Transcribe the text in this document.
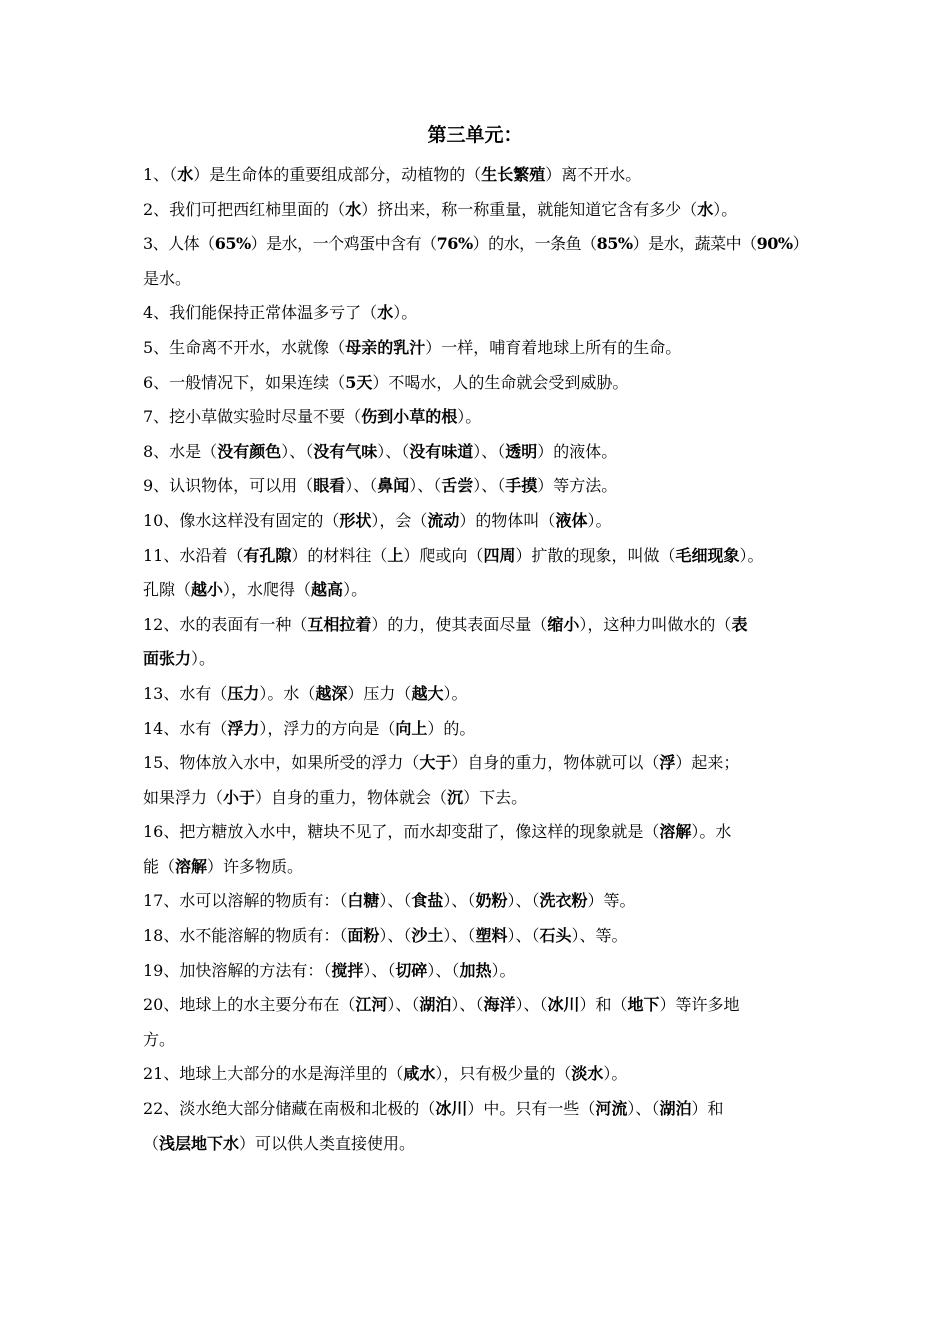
第三单元：
1、（水）是生命体的重要组成部分，动植物的（生长繁殖）离不开水。
2、我们可把西红柿里面的（水）挤出来，称一称重量，就能知道它含有多少（水）。
3、人体（65%）是水，一个鸡蛋中含有（76%）的水，一条鱼（85%）是水，蔬菜中（90%）
是水。
4、我们能保持正常体温多亏了（水）。
5、生命离不开水，水就像（母亲的乳汁）一样，哺育着地球上所有的生命。
6、一般情况下，如果连续（5天）不喝水，人的生命就会受到威胁。
7、挖小草做实验时尽量不要（伤到小草的根）。
8、水是（没有颜色）、（没有气味）、（没有味道）、（透明）的液体。
9、认识物体，可以用（眼看）、（鼻闻）、（舌尝）、（手摸）等方法。
10、像水这样没有固定的（形状），会（流动）的物体叫（液体）。
11、水沿着（有孔隙）的材料往（上）爬或向（四周）扩散的现象，叫做（毛细现象）。
孔隙（越小），水爬得（越高）。
12、水的表面有一种（互相拉着）的力，使其表面尽量（缩小），这种力叫做水的（表
面张力）。
13、水有（压力）。水（越深）压力（越大）。
14、水有（浮力），浮力的方向是（向上）的。
15、物体放入水中，如果所受的浮力（大于）自身的重力，物体就可以（浮）起来；
如果浮力（小于）自身的重力，物体就会（沉）下去。
16、把方糖放入水中，糖块不见了，而水却变甜了，像这样的现象就是（溶解）。水
能（溶解）许多物质。
17、水可以溶解的物质有：（白糖）、（食盐）、（奶粉）、（洗衣粉）等。
18、水不能溶解的物质有：（面粉）、（沙土）、（塑料）、（石头）、等。
19、加快溶解的方法有：（搅拌）、（切碎）、（加热）。
20、地球上的水主要分布在（江河）、（湖泊）、（海洋）、（冰川）和（地下）等许多地
方。
21、地球上大部分的水是海洋里的（咸水），只有极少量的（淡水）。
22、淡水绝大部分储藏在南极和北极的（冰川）中。只有一些（河流）、（湖泊）和
（浅层地下水）可以供人类直接使用。
